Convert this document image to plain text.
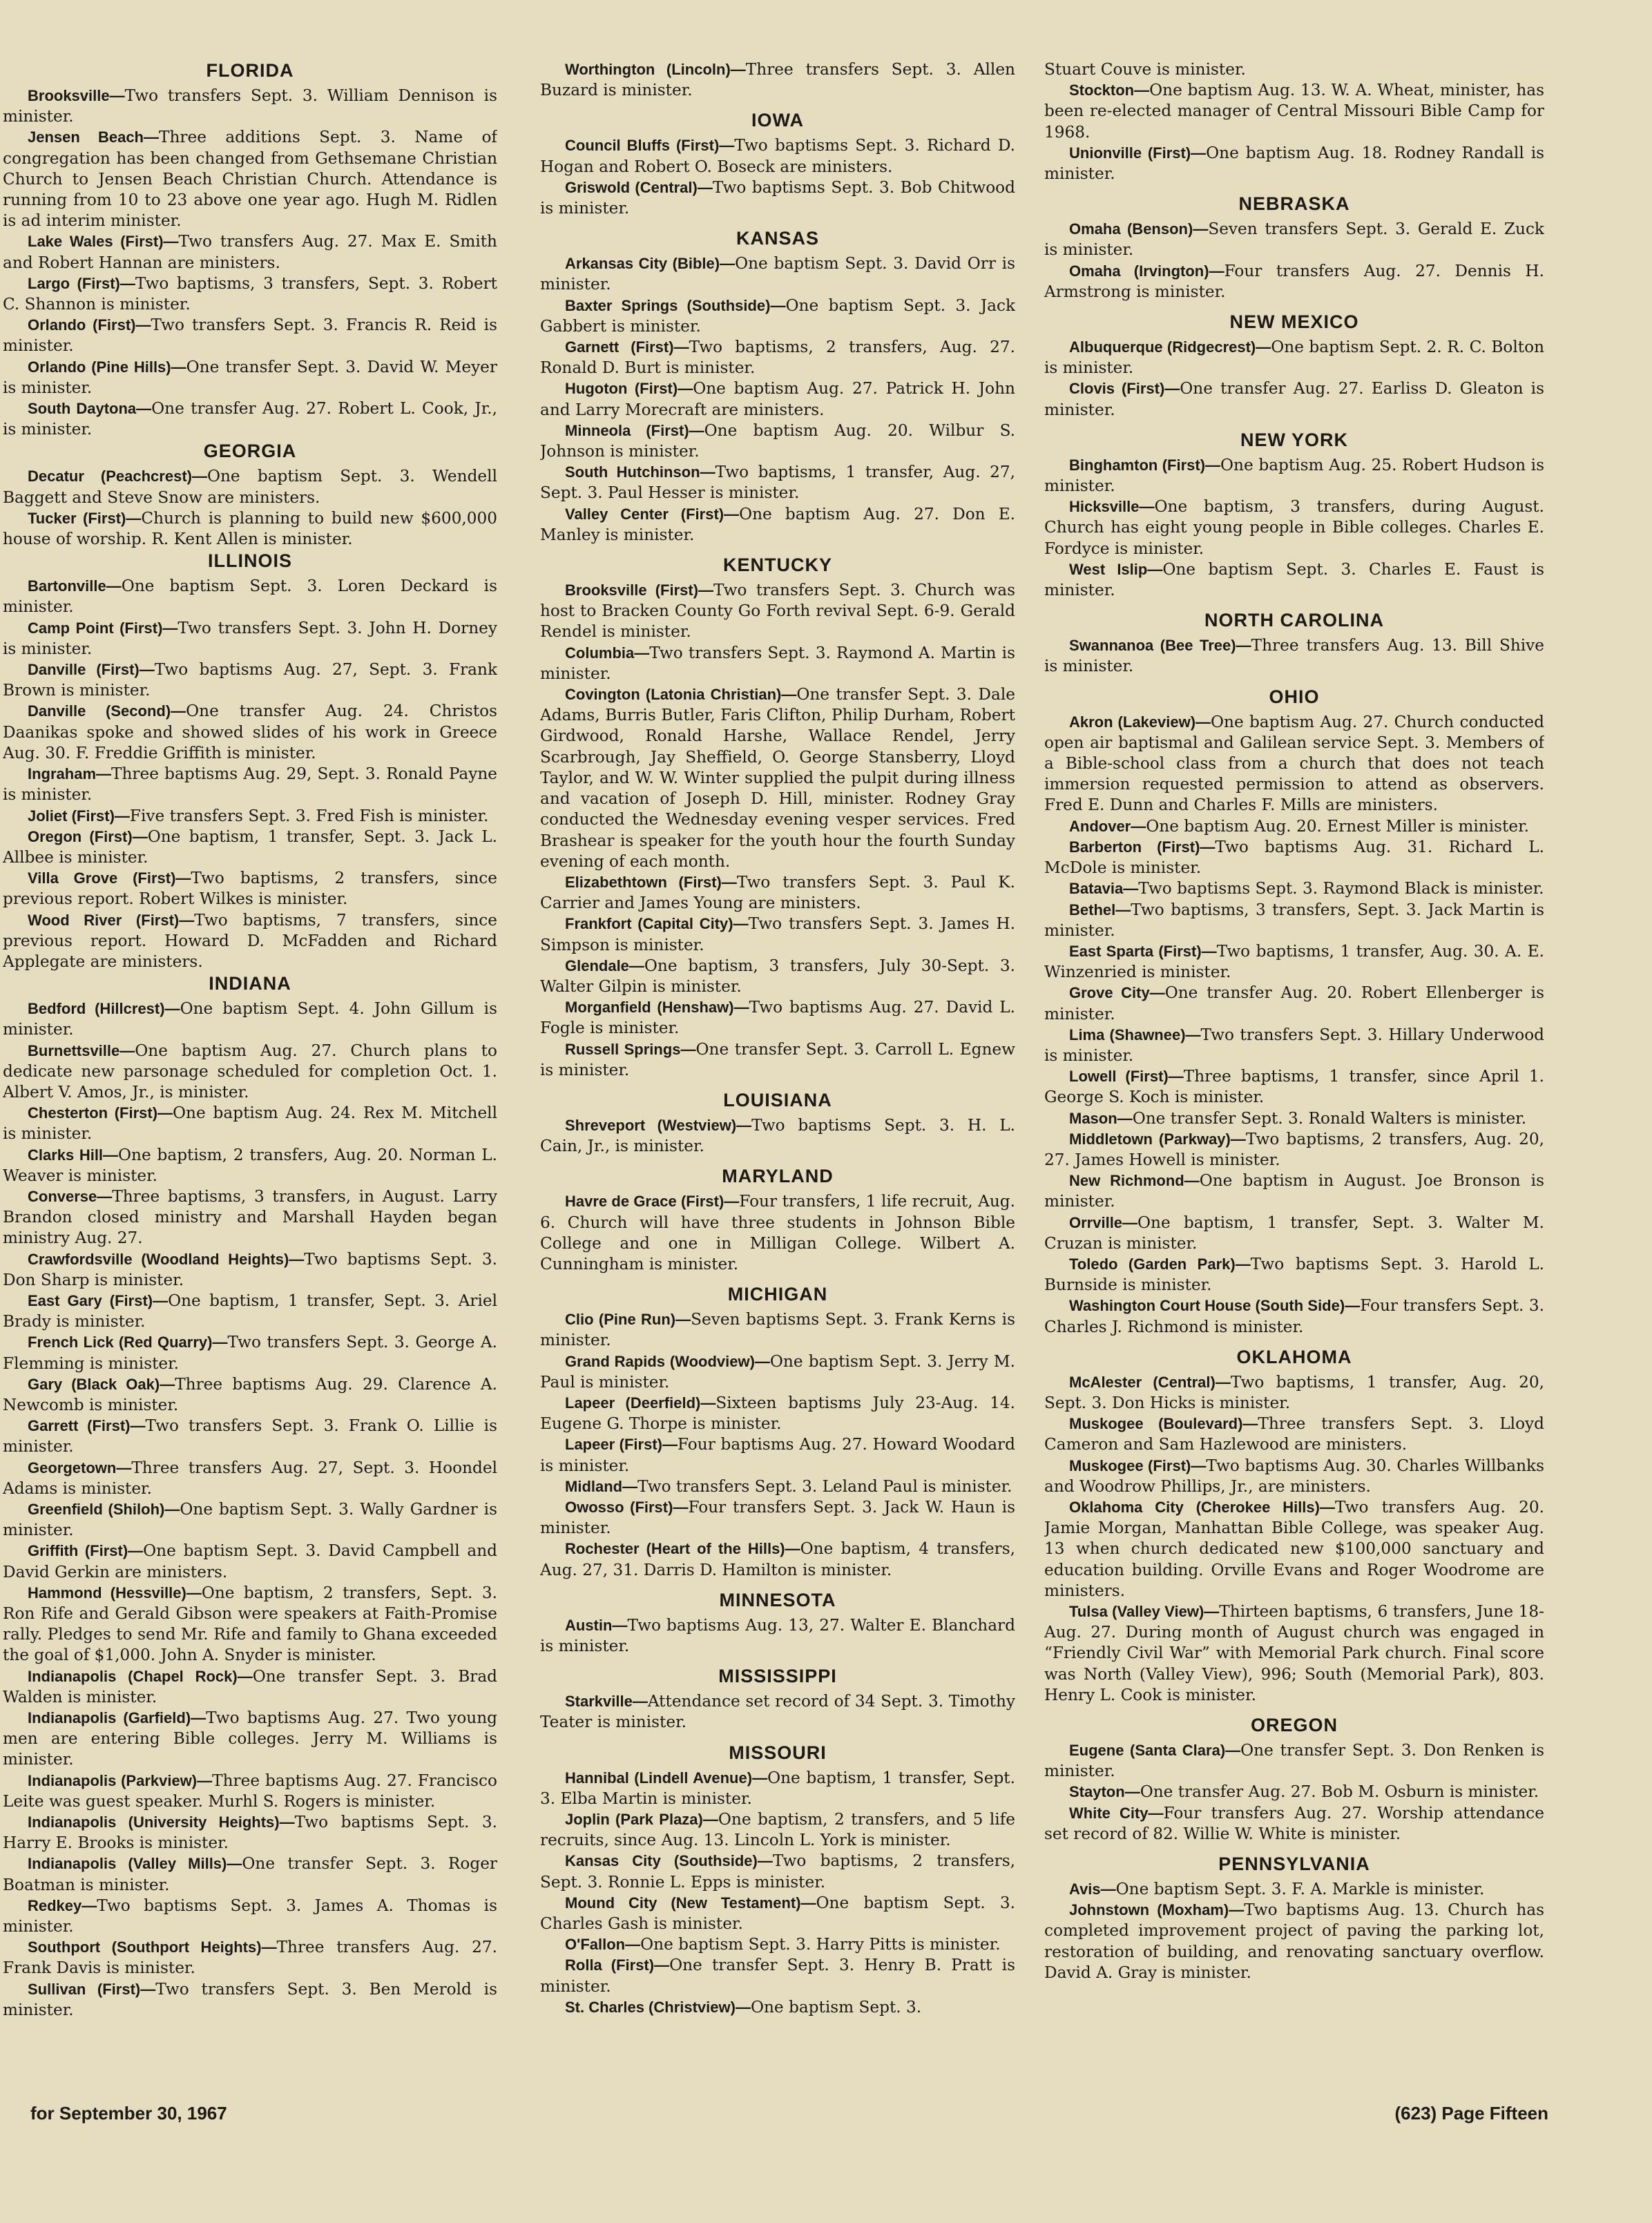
FLORIDA

Brooksville—Two transfers Sept. 3. William Dennison is minister.

Jensen Beach—Three additions Sept. 3. Name of congregation has been changed from Gethsemane Christian Church to Jensen Beach Christian Church. Attendance is running from 10 to 23 above one year ago. Hugh M. Ridlen is ad interim minister.

Lake Wales (First)—Two transfers Aug. 27. Max E. Smith and Robert Hannan are ministers.

Largo (First)—Two baptisms, 3 transfers, Sept. 3. Robert C. Shannon is minister.

Orlando (First)—Two transfers Sept. 3. Francis R. Reid is minister.

Orlando (Pine Hills)—One transfer Sept. 3. David W. Meyer is minister.

South Daytona—One transfer Aug. 27. Robert L. Cook, Jr., is minister.

GEORGIA

Decatur (Peachcrest)—One baptism Sept. 3. Wendell Baggett and Steve Snow are ministers.

Tucker (First)—Church is planning to build new $600,000 house of worship. R. Kent Allen is minister.

ILLINOIS

Bartonville—One baptism Sept. 3. Loren Deckard is minister.

Camp Point (First)—Two transfers Sept. 3. John H. Dorney is minister.

Danville (First)—Two baptisms Aug. 27, Sept. 3. Frank Brown is minister.

Danville (Second)—One transfer Aug. 24. Christos Daanikas spoke and showed slides of his work in Greece Aug. 30. F. Freddie Griffith is minister.

Ingraham—Three baptisms Aug. 29, Sept. 3. Ronald Payne is minister.

Joliet (First)—Five transfers Sept. 3. Fred Fish is minister.

Oregon (First)—One baptism, 1 transfer, Sept. 3. Jack L. Allbee is minister.

Villa Grove (First)—Two baptisms, 2 transfers, since previous report. Robert Wilkes is minister.

Wood River (First)—Two baptisms, 7 transfers, since previous report. Howard D. McFadden and Richard Applegate are ministers.

INDIANA

Bedford (Hillcrest)—One baptism Sept. 4. John Gillum is minister.

Burnettsville—One baptism Aug. 27. Church plans to dedicate new parsonage scheduled for completion Oct. 1. Albert V. Amos, Jr., is minister.

Chesterton (First)—One baptism Aug. 24. Rex M. Mitchell is minister.

Clarks Hill—One baptism, 2 transfers, Aug. 20. Norman L. Weaver is minister.

Converse—Three baptisms, 3 transfers, in August. Larry Brandon closed ministry and Marshall Hayden began ministry Aug. 27.

Crawfordsville (Woodland Heights)—Two baptisms Sept. 3. Don Sharp is minister.

East Gary (First)—One baptism, 1 transfer, Sept. 3. Ariel Brady is minister.

French Lick (Red Quarry)—Two transfers Sept. 3. George A. Flemming is minister.

Gary (Black Oak)—Three baptisms Aug. 29. Clarence A. Newcomb is minister.

Garrett (First)—Two transfers Sept. 3. Frank O. Lillie is minister.

Georgetown—Three transfers Aug. 27, Sept. 3. Hoondel Adams is minister.

Greenfield (Shiloh)—One baptism Sept. 3. Wally Gardner is minister.

Griffith (First)—One baptism Sept. 3. David Campbell and David Gerkin are ministers.

Hammond (Hessville)—One baptism, 2 transfers, Sept. 3. Ron Rife and Gerald Gibson were speakers at Faith-Promise rally. Pledges to send Mr. Rife and family to Ghana exceeded the goal of $1,000. John A. Snyder is minister.

Indianapolis (Chapel Rock)—One transfer Sept. 3. Brad Walden is minister.

Indianapolis (Garfield)—Two baptisms Aug. 27. Two young men are entering Bible colleges. Jerry M. Williams is minister.

Indianapolis (Parkview)—Three baptisms Aug. 27. Francisco Leite was guest speaker. Murhl S. Rogers is minister.

Indianapolis (University Heights)—Two baptisms Sept. 3. Harry E. Brooks is minister.

Indianapolis (Valley Mills)—One transfer Sept. 3. Roger Boatman is minister.

Redkey—Two baptisms Sept. 3. James A. Thomas is minister.

Southport (Southport Heights)—Three transfers Aug. 27. Frank Davis is minister.

Sullivan (First)—Two transfers Sept. 3. Ben Merold is minister.

Worthington (Lincoln)—Three transfers Sept. 3. Allen Buzard is minister.

IOWA

Council Bluffs (First)—Two baptisms Sept. 3. Richard D. Hogan and Robert O. Boseck are ministers.

Griswold (Central)—Two baptisms Sept. 3. Bob Chitwood is minister.

KANSAS

Arkansas City (Bible)—One baptism Sept. 3. David Orr is minister.

Baxter Springs (Southside)—One baptism Sept. 3. Jack Gabbert is minister.

Garnett (First)—Two baptisms, 2 transfers, Aug. 27. Ronald D. Burt is minister.

Hugoton (First)—One baptism Aug. 27. Patrick H. John and Larry Morecraft are ministers.

Minneola (First)—One baptism Aug. 20. Wilbur S. Johnson is minister.

South Hutchinson—Two baptisms, 1 transfer, Aug. 27, Sept. 3. Paul Hesser is minister.

Valley Center (First)—One baptism Aug. 27. Don E. Manley is minister.

KENTUCKY

Brooksville (First)—Two transfers Sept. 3. Church was host to Bracken County Go Forth revival Sept. 6-9. Gerald Rendel is minister.

Columbia—Two transfers Sept. 3. Raymond A. Martin is minister.

Covington (Latonia Christian)—One transfer Sept. 3. Dale Adams, Burris Butler, Faris Clifton, Philip Durham, Robert Girdwood, Ronald Harshe, Wallace Rendel, Jerry Scarbrough, Jay Sheffield, O. George Stansberry, Lloyd Taylor, and W. W. Winter supplied the pulpit during illness and vacation of Joseph D. Hill, minister. Rodney Gray conducted the Wednesday evening vesper services. Fred Brashear is speaker for the youth hour the fourth Sunday evening of each month.

Elizabethtown (First)—Two transfers Sept. 3. Paul K. Carrier and James Young are ministers.

Frankfort (Capital City)—Two transfers Sept. 3. James H. Simpson is minister.

Glendale—One baptism, 3 transfers, July 30-Sept. 3. Walter Gilpin is minister.

Morganfield (Henshaw)—Two baptisms Aug. 27. David L. Fogle is minister.

Russell Springs—One transfer Sept. 3. Carroll L. Egnew is minister.

LOUISIANA

Shreveport (Westview)—Two baptisms Sept. 3. H. L. Cain, Jr., is minister.

MARYLAND

Havre de Grace (First)—Four transfers, 1 life recruit, Aug. 6. Church will have three students in Johnson Bible College and one in Milligan College. Wilbert A. Cunningham is minister.

MICHIGAN

Clio (Pine Run)—Seven baptisms Sept. 3. Frank Kerns is minister.

Grand Rapids (Woodview)—One baptism Sept. 3. Jerry M. Paul is minister.

Lapeer (Deerfield)—Sixteen baptisms July 23-Aug. 14. Eugene G. Thorpe is minister.

Lapeer (First)—Four baptisms Aug. 27. Howard Woodard is minister.

Midland—Two transfers Sept. 3. Leland Paul is minister.

Owosso (First)—Four transfers Sept. 3. Jack W. Haun is minister.

Rochester (Heart of the Hills)—One baptism, 4 transfers, Aug. 27, 31. Darris D. Hamilton is minister.

MINNESOTA

Austin—Two baptisms Aug. 13, 27. Walter E. Blanchard is minister.

MISSISSIPPI

Starkville—Attendance set record of 34 Sept. 3. Timothy Teater is minister.

MISSOURI

Hannibal (Lindell Avenue)—One baptism, 1 transfer, Sept. 3. Elba Martin is minister.

Joplin (Park Plaza)—One baptism, 2 transfers, and 5 life recruits, since Aug. 13. Lincoln L. York is minister.

Kansas City (Southside)—Two baptisms, 2 transfers, Sept. 3. Ronnie L. Epps is minister.

Mound City (New Testament)—One baptism Sept. 3. Charles Gash is minister.

O'Fallon—One baptism Sept. 3. Harry Pitts is minister.

Rolla (First)—One transfer Sept. 3. Henry B. Pratt is minister.

St. Charles (Christview)—One baptism Sept. 3.

Stuart Couve is minister.

Stockton—One baptism Aug. 13. W. A. Wheat, minister, has been re-elected manager of Central Missouri Bible Camp for 1968.

Unionville (First)—One baptism Aug. 18. Rodney Randall is minister.

NEBRASKA

Omaha (Benson)—Seven transfers Sept. 3. Gerald E. Zuck is minister.

Omaha (Irvington)—Four transfers Aug. 27. Dennis H. Armstrong is minister.

NEW MEXICO

Albuquerque (Ridgecrest)—One baptism Sept. 2. R. C. Bolton is minister.

Clovis (First)—One transfer Aug. 27. Earliss D. Gleaton is minister.

NEW YORK

Binghamton (First)—One baptism Aug. 25. Robert Hudson is minister.

Hicksville—One baptism, 3 transfers, during August. Church has eight young people in Bible colleges. Charles E. Fordyce is minister.

West Islip—One baptism Sept. 3. Charles E. Faust is minister.

NORTH CAROLINA

Swannanoa (Bee Tree)—Three transfers Aug. 13. Bill Shive is minister.

OHIO

Akron (Lakeview)—One baptism Aug. 27. Church conducted open air baptismal and Galilean service Sept. 3. Members of a Bible-school class from a church that does not teach immersion requested permission to attend as observers. Fred E. Dunn and Charles F. Mills are ministers.

Andover—One baptism Aug. 20. Ernest Miller is minister.

Barberton (First)—Two baptisms Aug. 31. Richard L. McDole is minister.

Batavia—Two baptisms Sept. 3. Raymond Black is minister.

Bethel—Two baptisms, 3 transfers, Sept. 3. Jack Martin is minister.

East Sparta (First)—Two baptisms, 1 transfer, Aug. 30. A. E. Winzenried is minister.

Grove City—One transfer Aug. 20. Robert Ellenberger is minister.

Lima (Shawnee)—Two transfers Sept. 3. Hillary Underwood is minister.

Lowell (First)—Three baptisms, 1 transfer, since April 1. George S. Koch is minister.

Mason—One transfer Sept. 3. Ronald Walters is minister.

Middletown (Parkway)—Two baptisms, 2 transfers, Aug. 20, 27. James Howell is minister.

New Richmond—One baptism in August. Joe Bronson is minister.

Orrville—One baptism, 1 transfer, Sept. 3. Walter M. Cruzan is minister.

Toledo (Garden Park)—Two baptisms Sept. 3. Harold L. Burnside is minister.

Washington Court House (South Side)—Four transfers Sept. 3. Charles J. Richmond is minister.

OKLAHOMA

McAlester (Central)—Two baptisms, 1 transfer, Aug. 20, Sept. 3. Don Hicks is minister.

Muskogee (Boulevard)—Three transfers Sept. 3. Lloyd Cameron and Sam Hazlewood are ministers.

Muskogee (First)—Two baptisms Aug. 30. Charles Willbanks and Woodrow Phillips, Jr., are ministers.

Oklahoma City (Cherokee Hills)—Two transfers Aug. 20. Jamie Morgan, Manhattan Bible College, was speaker Aug. 13 when church dedicated new $100,000 sanctuary and education building. Orville Evans and Roger Woodrome are ministers.

Tulsa (Valley View)—Thirteen baptisms, 6 transfers, June 18-Aug. 27. During month of August church was engaged in “Friendly Civil War” with Memorial Park church. Final score was North (Valley View), 996; South (Memorial Park), 803. Henry L. Cook is minister.

OREGON

Eugene (Santa Clara)—One transfer Sept. 3. Don Renken is minister.

Stayton—One transfer Aug. 27. Bob M. Osburn is minister.

White City—Four transfers Aug. 27. Worship attendance set record of 82. Willie W. White is minister.

PENNSYLVANIA

Avis—One baptism Sept. 3. F. A. Markle is minister.

Johnstown (Moxham)—Two baptisms Aug. 13. Church has completed improvement project of paving the parking lot, restoration of building, and renovating sanctuary overflow. David A. Gray is minister.

for September 30, 1967	(623) Page Fifteen
